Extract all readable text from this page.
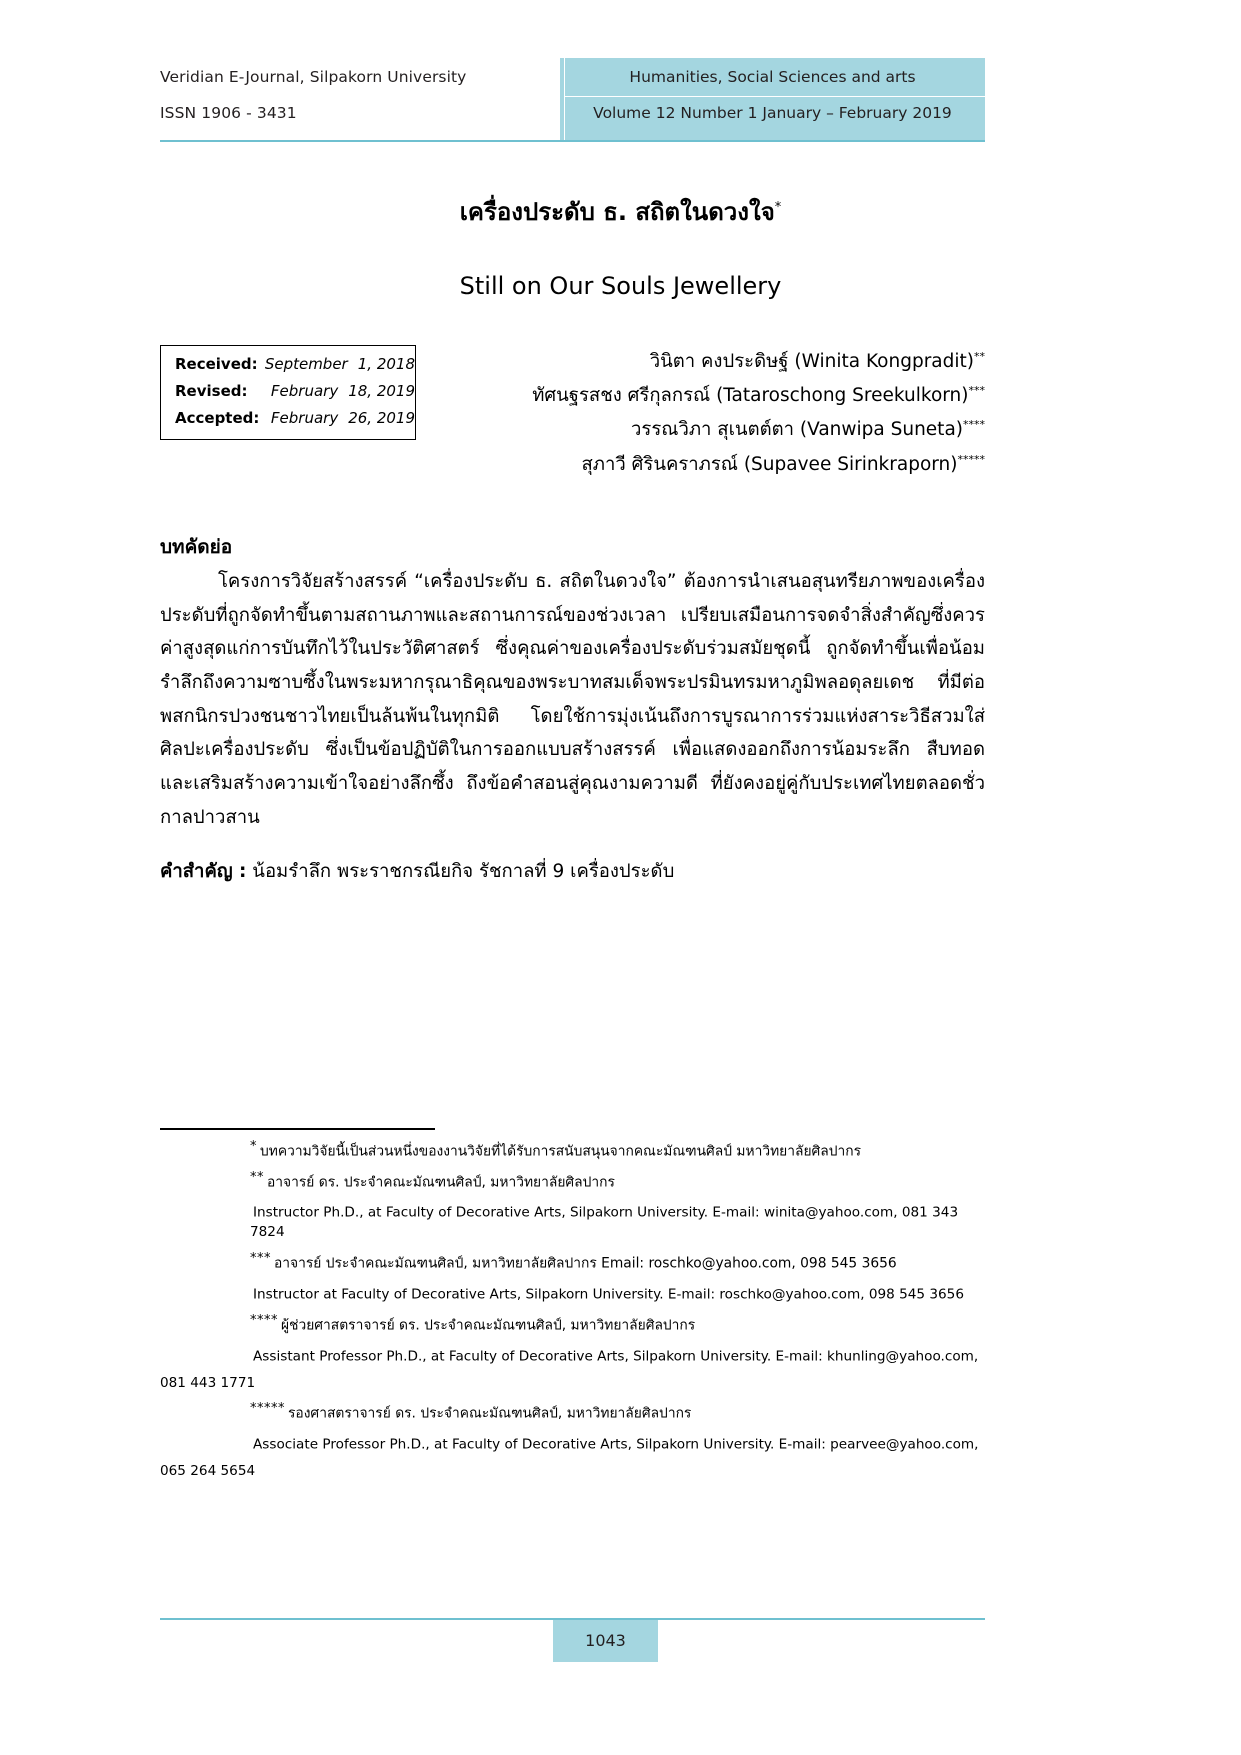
Veridian E-Journal, Silpakorn University
ISSN 1906 - 3431
Humanities, Social Sciences and arts
Volume 12 Number 1 January – February 2019
เครื่องประดับ ธ. สถิตในดวงใจ*
Still on Our Souls Jewellery
Received: September 1, 2018
Revised:	February 18, 2019
Accepted: February 26, 2019
วินิตา คงประดิษฐ์ (Winita Kongpradit)**
ทัศนฐรสชง ศรีกุลกรณ์ (Tataroschong Sreekulkorn)***
วรรณวิภา สุเนตต์ตา (Vanwipa Suneta)****
สุภาวี ศิรินคราภรณ์ (Supavee Sirinkraporn)*****
บทคัดย่อ

โครงการวิจัยสร้างสรรค์ “เครื่องประดับ ธ. สถิตในดวงใจ” ต้องการนำเสนอสุนทรียภาพของเครื่องประดับที่ถูกจัดทำขึ้นตามสถานภาพและสถานการณ์ของช่วงเวลา เปรียบเสมือนการจดจำสิ่งสำคัญซึ่งควรค่าสูงสุดแก่การบันทึกไว้ในประวัติศาสตร์ ซึ่งคุณค่าของเครื่องประดับร่วมสมัยชุดนี้ ถูกจัดทำขึ้นเพื่อน้อมรำลึกถึงความซาบซึ้งในพระมหากรุณาธิคุณของพระบาทสมเด็จพระปรมินทรมหาภูมิพลอดุลยเดช ที่มีต่อพสกนิกรปวงชนชาวไทยเป็นล้นพ้นในทุกมิติ โดยใช้การมุ่งเน้นถึงการบูรณาการร่วมแห่งสาระวิธีสวมใส่ศิลปะเครื่องประดับ ซึ่งเป็นข้อปฏิบัติในการออกแบบสร้างสรรค์ เพื่อแสดงออกถึงการน้อมระลึก สืบทอดและเสริมสร้างความเข้าใจอย่างลึกซึ้ง ถึงข้อคำสอนสู่คุณงามความดี ที่ยังคงอยู่คู่กับประเทศไทยตลอดชั่วกาลปาวสาน

คำสำคัญ : น้อมรำลึก พระราชกรณียกิจ รัชกาลที่ 9 เครื่องประดับ
* บทความวิจัยนี้เป็นส่วนหนึ่งของงานวิจัยที่ได้รับการสนับสนุนจากคณะมัณฑนศิลป์ มหาวิทยาลัยศิลปากร
** อาจารย์ ดร. ประจำคณะมัณฑนศิลป์, มหาวิทยาลัยศิลปากร
Instructor Ph.D., at Faculty of Decorative Arts, Silpakorn University. E-mail: winita@yahoo.com, 081 343 7824
*** อาจารย์ ประจำคณะมัณฑนศิลป์, มหาวิทยาลัยศิลปากร Email: roschko@yahoo.com, 098 545 3656
Instructor at Faculty of Decorative Arts, Silpakorn University. E-mail: roschko@yahoo.com, 098 545 3656
**** ผู้ช่วยศาสตราจารย์ ดร. ประจำคณะมัณฑนศิลป์, มหาวิทยาลัยศิลปากร
Assistant Professor Ph.D., at Faculty of Decorative Arts, Silpakorn University. E-mail: khunling@yahoo.com,
081 443 1771
***** รองศาสตราจารย์ ดร. ประจำคณะมัณฑนศิลป์, มหาวิทยาลัยศิลปากร
Associate Professor Ph.D., at Faculty of Decorative Arts, Silpakorn University. E-mail: pearvee@yahoo.com,
065 264 5654
1043
